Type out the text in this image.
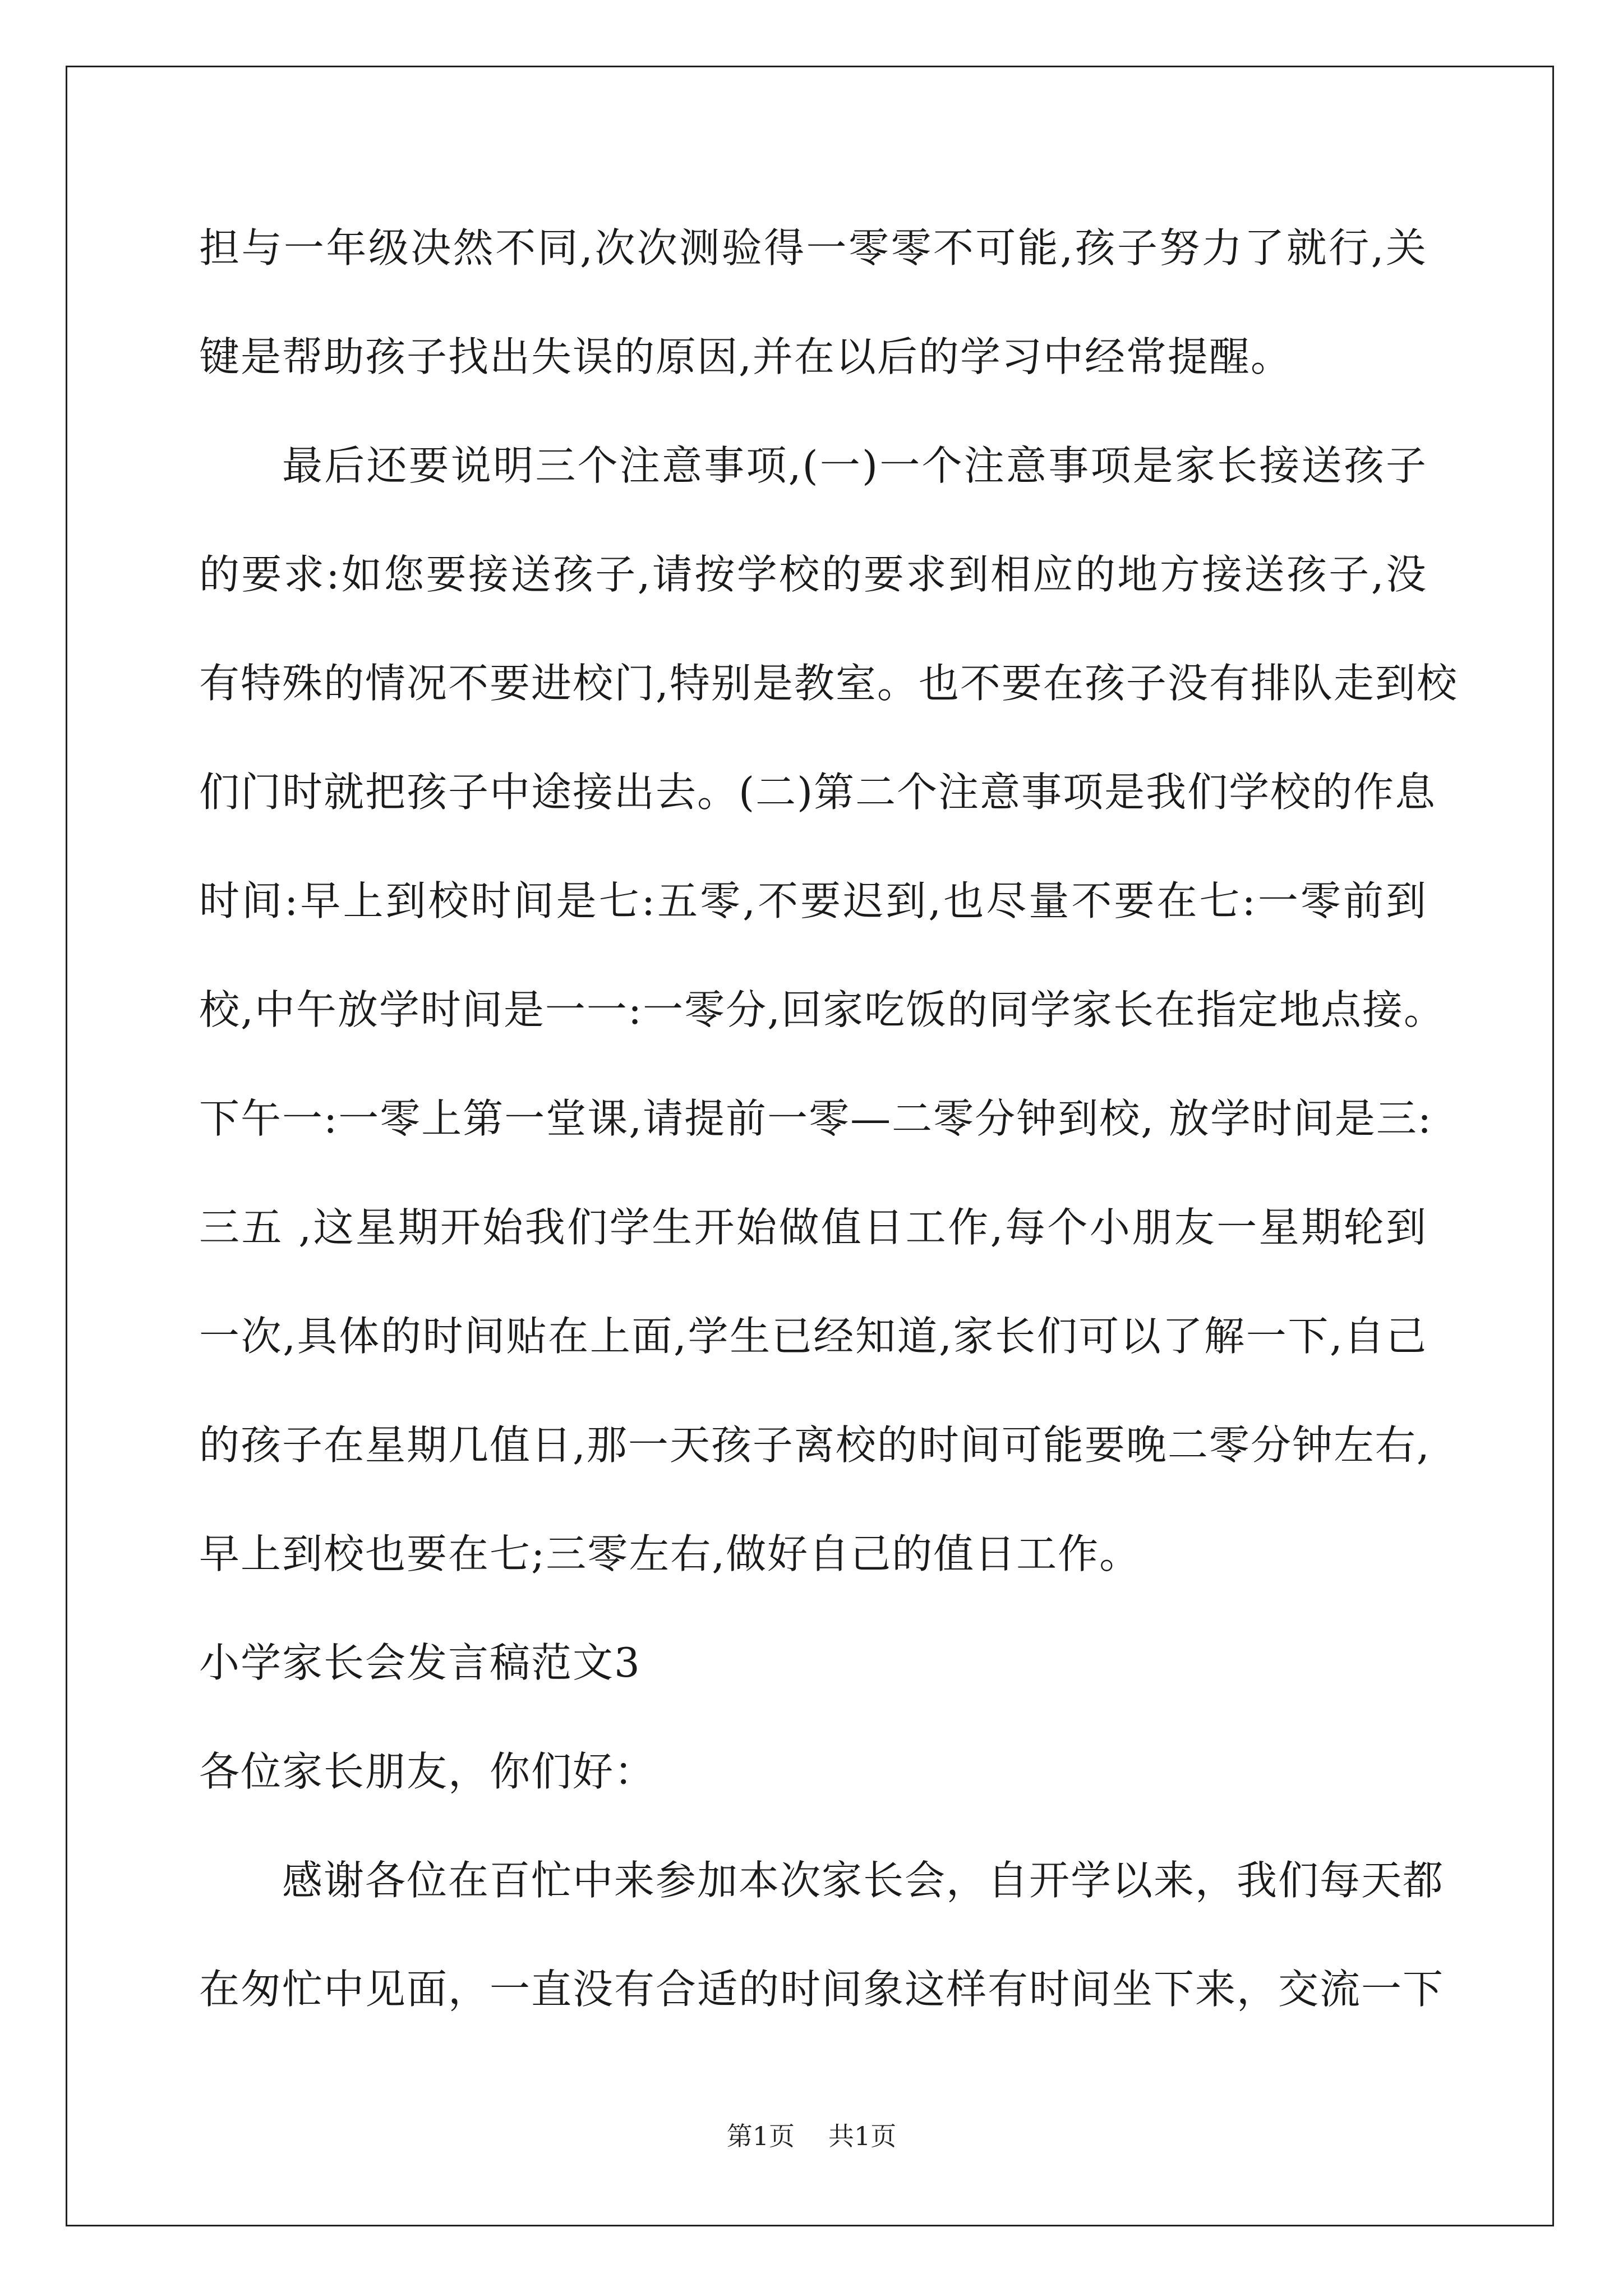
担与一年级决然不同,次次测验得一零零不可能,孩子努力了就行,关
键是帮助孩子找出失误的原因,并在以后的学习中经常提醒。
最后还要说明三个注意事项,(一)一个注意事项是家长接送孩子
的要求:如您要接送孩子,请按学校的要求到相应的地方接送孩子,没
有特殊的情况不要进校门,特别是教室。也不要在孩子没有排队走到校
们门时就把孩子中途接出去。(二)第二个注意事项是我们学校的作息
时间:早上到校时间是七:五零,不要迟到,也尽量不要在七:一零前到
校,中午放学时间是一一:一零分,回家吃饭的同学家长在指定地点接。
下午一:一零上第一堂课,请提前一零—二零分钟到校, 放学时间是三:
三五 ,这星期开始我们学生开始做值日工作,每个小朋友一星期轮到
一次,具体的时间贴在上面,学生已经知道,家长们可以了解一下,自己
的孩子在星期几值日,那一天孩子离校的时间可能要晚二零分钟左右,
早上到校也要在七;三零左右,做好自己的值日工作。
小学家长会发言稿范文3
各位家长朋友，你们好：
感谢各位在百忙中来参加本次家长会，自开学以来，我们每天都
在匆忙中见面，一直没有合适的时间象这样有时间坐下来，交流一下
第1页 共1页
